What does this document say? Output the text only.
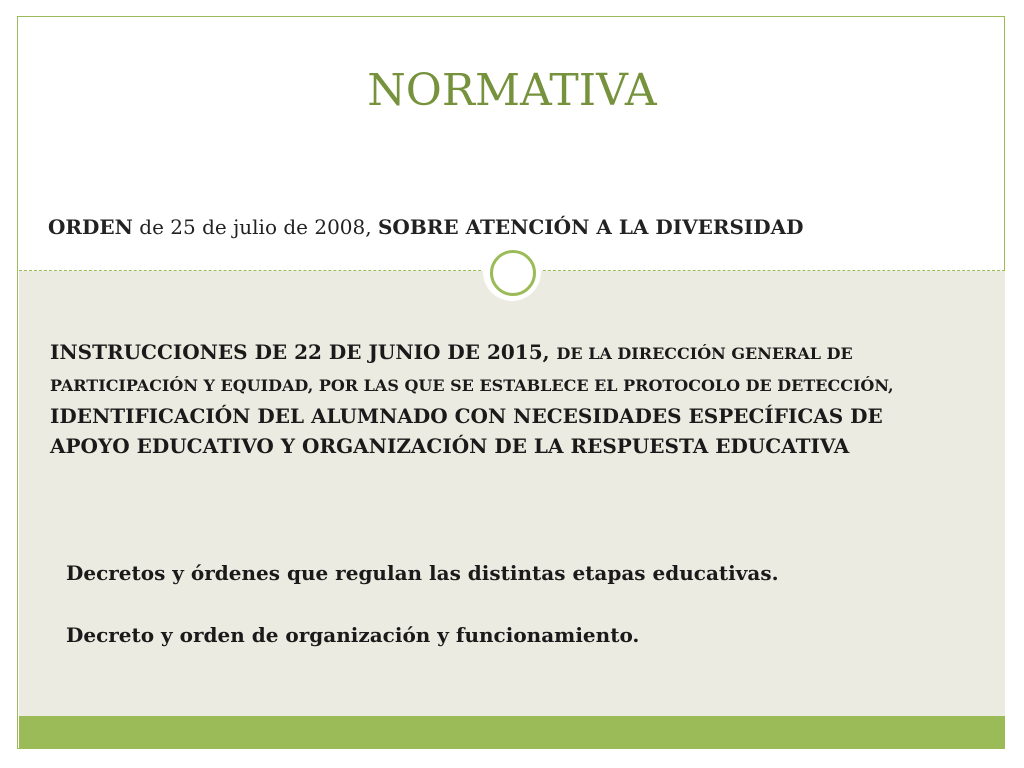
NORMATIVA
ORDEN de 25 de julio de 2008, SOBRE ATENCIÓN A LA DIVERSIDAD
INSTRUCCIONES DE 22 DE JUNIO DE 2015, DE LA DIRECCIÓN GENERAL DE PARTICIPACIÓN Y EQUIDAD, POR LAS QUE SE ESTABLECE EL PROTOCOLO DE DETECCIÓN, IDENTIFICACIÓN DEL ALUMNADO CON NECESIDADES ESPECÍFICAS DE APOYO EDUCATIVO Y ORGANIZACIÓN DE LA RESPUESTA EDUCATIVA

Decretos y órdenes que regulan las distintas etapas educativas.

Decreto y orden de organización y funcionamiento.
